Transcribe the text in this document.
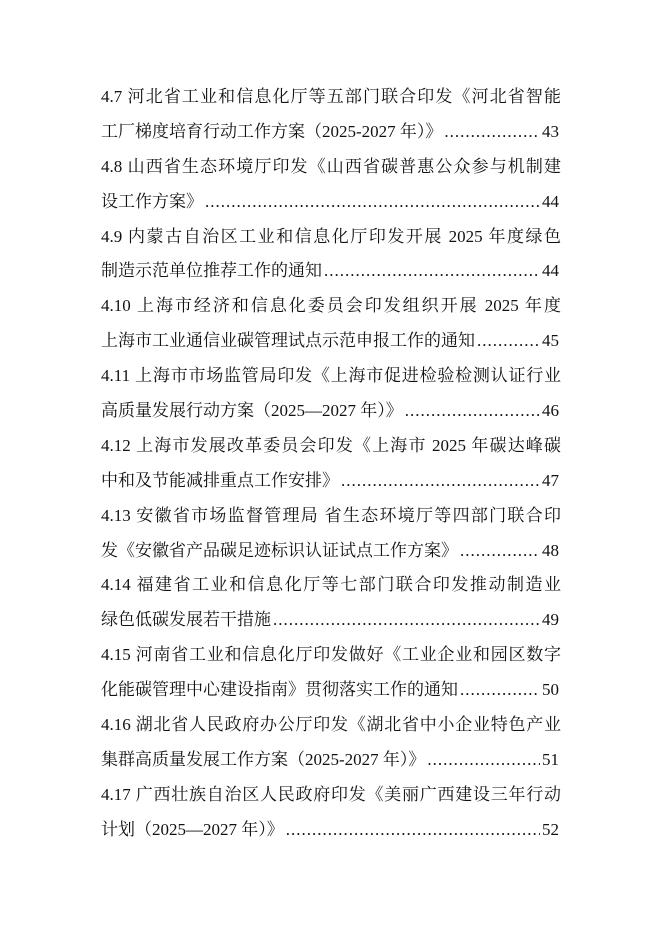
4.7 河北省工业和信息化厅等五部门联合印发《河北省智能
工厂梯度培育行动工作方案（2025-2027 年）》 .....	43
4.8 山西省生态环境厅印发《山西省碳普惠公众参与机制建
设工作方案》 .....	44
4.9 内蒙古自治区工业和信息化厅印发开展 2025 年度绿色
制造示范单位推荐工作的通知 .....	44
4.10 上海市经济和信息化委员会印发组织开展 2025 年度
上海市工业通信业碳管理试点示范申报工作的通知 .....	45
4.11 上海市市场监管局印发《上海市促进检验检测认证行业
高质量发展行动方案（2025—2027 年）》 .....	46
4.12 上海市发展改革委员会印发《上海市 2025 年碳达峰碳
中和及节能减排重点工作安排》 .....	47
4.13 安徽省市场监督管理局 省生态环境厅等四部门联合印
发《安徽省产品碳足迹标识认证试点工作方案》 .....	48
4.14 福建省工业和信息化厅等七部门联合印发推动制造业
绿色低碳发展若干措施 .....	49
4.15 河南省工业和信息化厅印发做好《工业企业和园区数字
化能碳管理中心建设指南》贯彻落实工作的通知 .....	50
4.16 湖北省人民政府办公厅印发《湖北省中小企业特色产业
集群高质量发展工作方案（2025-2027 年）》 .....	51
4.17 广西壮族自治区人民政府印发《美丽广西建设三年行动
计划（2025—2027 年）》 .....	52
